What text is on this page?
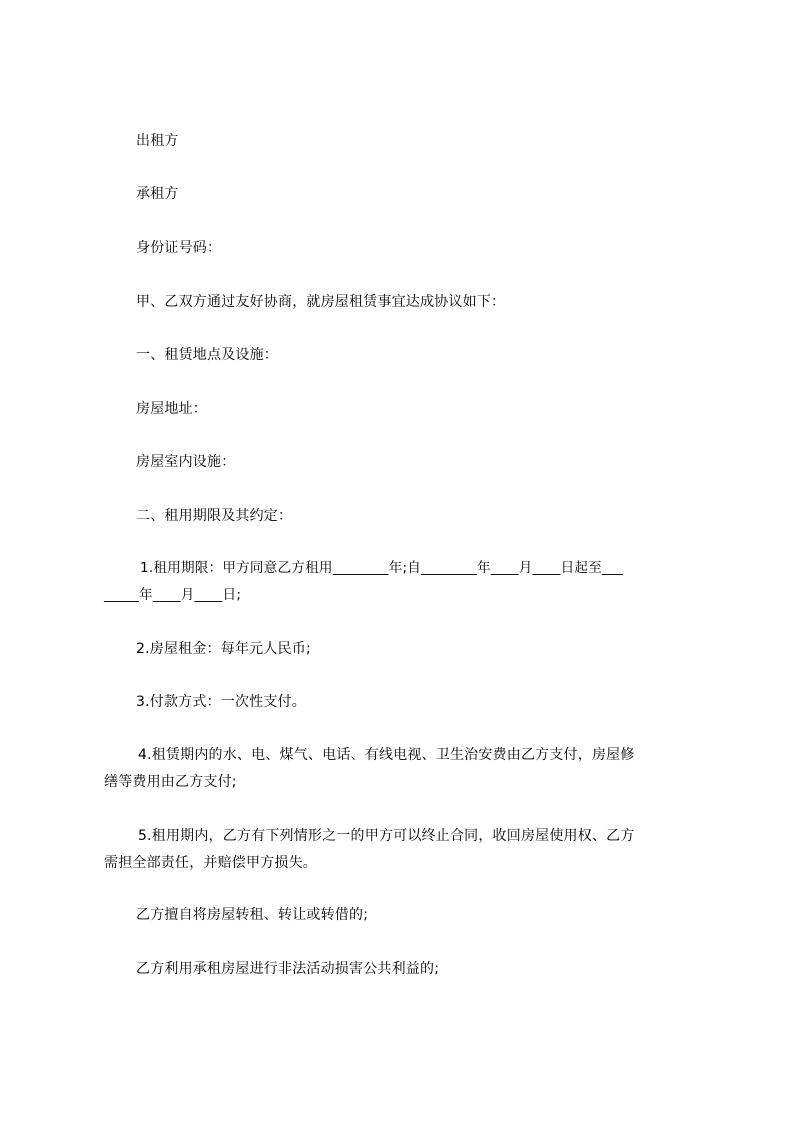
出租方
承租方
身份证号码：
甲、乙双方通过友好协商，就房屋租赁事宜达成协议如下：
一、租赁地点及设施：
房屋地址：
房屋室内设施：
二、租用期限及其约定：
1.租用期限：甲方同意乙方租用________年;自________年____月____日起至___
_____年____月____日;
2.房屋租金：每年元人民币;
3.付款方式：一次性支付。
4.租赁期内的水、电、煤气、电话、有线电视、卫生治安费由乙方支付，房屋修
缮等费用由乙方支付;
5.租用期内，乙方有下列情形之一的甲方可以终止合同，收回房屋使用权、乙方
需担全部责任，并赔偿甲方损失。
乙方擅自将房屋转租、转让或转借的;
乙方利用承租房屋进行非法活动损害公共利益的;
